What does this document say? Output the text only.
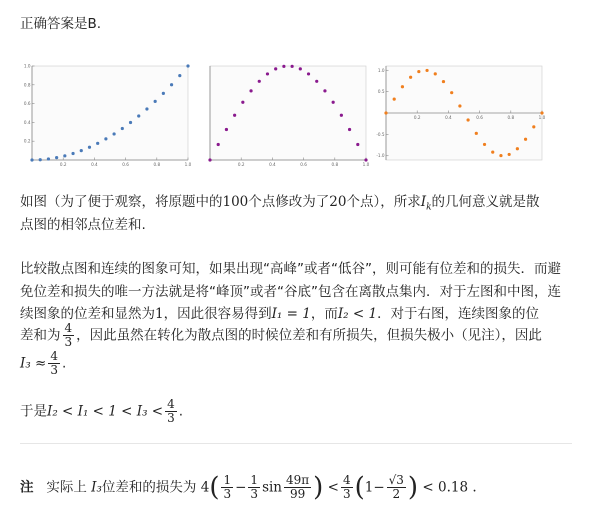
正确答案是B.
0.2	0.4	0.6	0.8	1.0
0.2
0.4
0.6
0.8
1.0
0.2	0.4	0.6	0.8	1.0
0.2	0.4	0.6	0.8	1.0
1.0
0.5
-0.5
-1.0
如图（为了便于观察，将原题中的100个点修改为了20个点），所求$I_k$的几何意义就是散
点图的相邻点位差和.
比较散点图和连续的图象可知，如果出现“高峰”或者“低谷”，则可能有位差和的损失．而避
免位差和损失的唯一方法就是将“峰顶”或者“谷底”包含在离散点集内．对于左图和中图，连
续图象的位差和显然为1，因此很容易得到I₁ = 1，而I₂ < 1．对于右图，连续图象的位
差和为 $\frac{4}{3}$ ，因此虽然在转化为散点图的时候位差和有所损失，但损失极小（见注），因此
$I_3 \approx \frac{4}{3}$ .
于是$I_2 < I_1 < 1 < I_3 < \frac{4}{3}$ .
注 实际上 I₃位差和的损失为 $4( \frac{1}{3} - \frac{1}{3}$ $\sin \frac{49\pi}{99}$ ) < $\frac{4}{3} (1- \frac{√3}{2}$ ) < 0.18 .
